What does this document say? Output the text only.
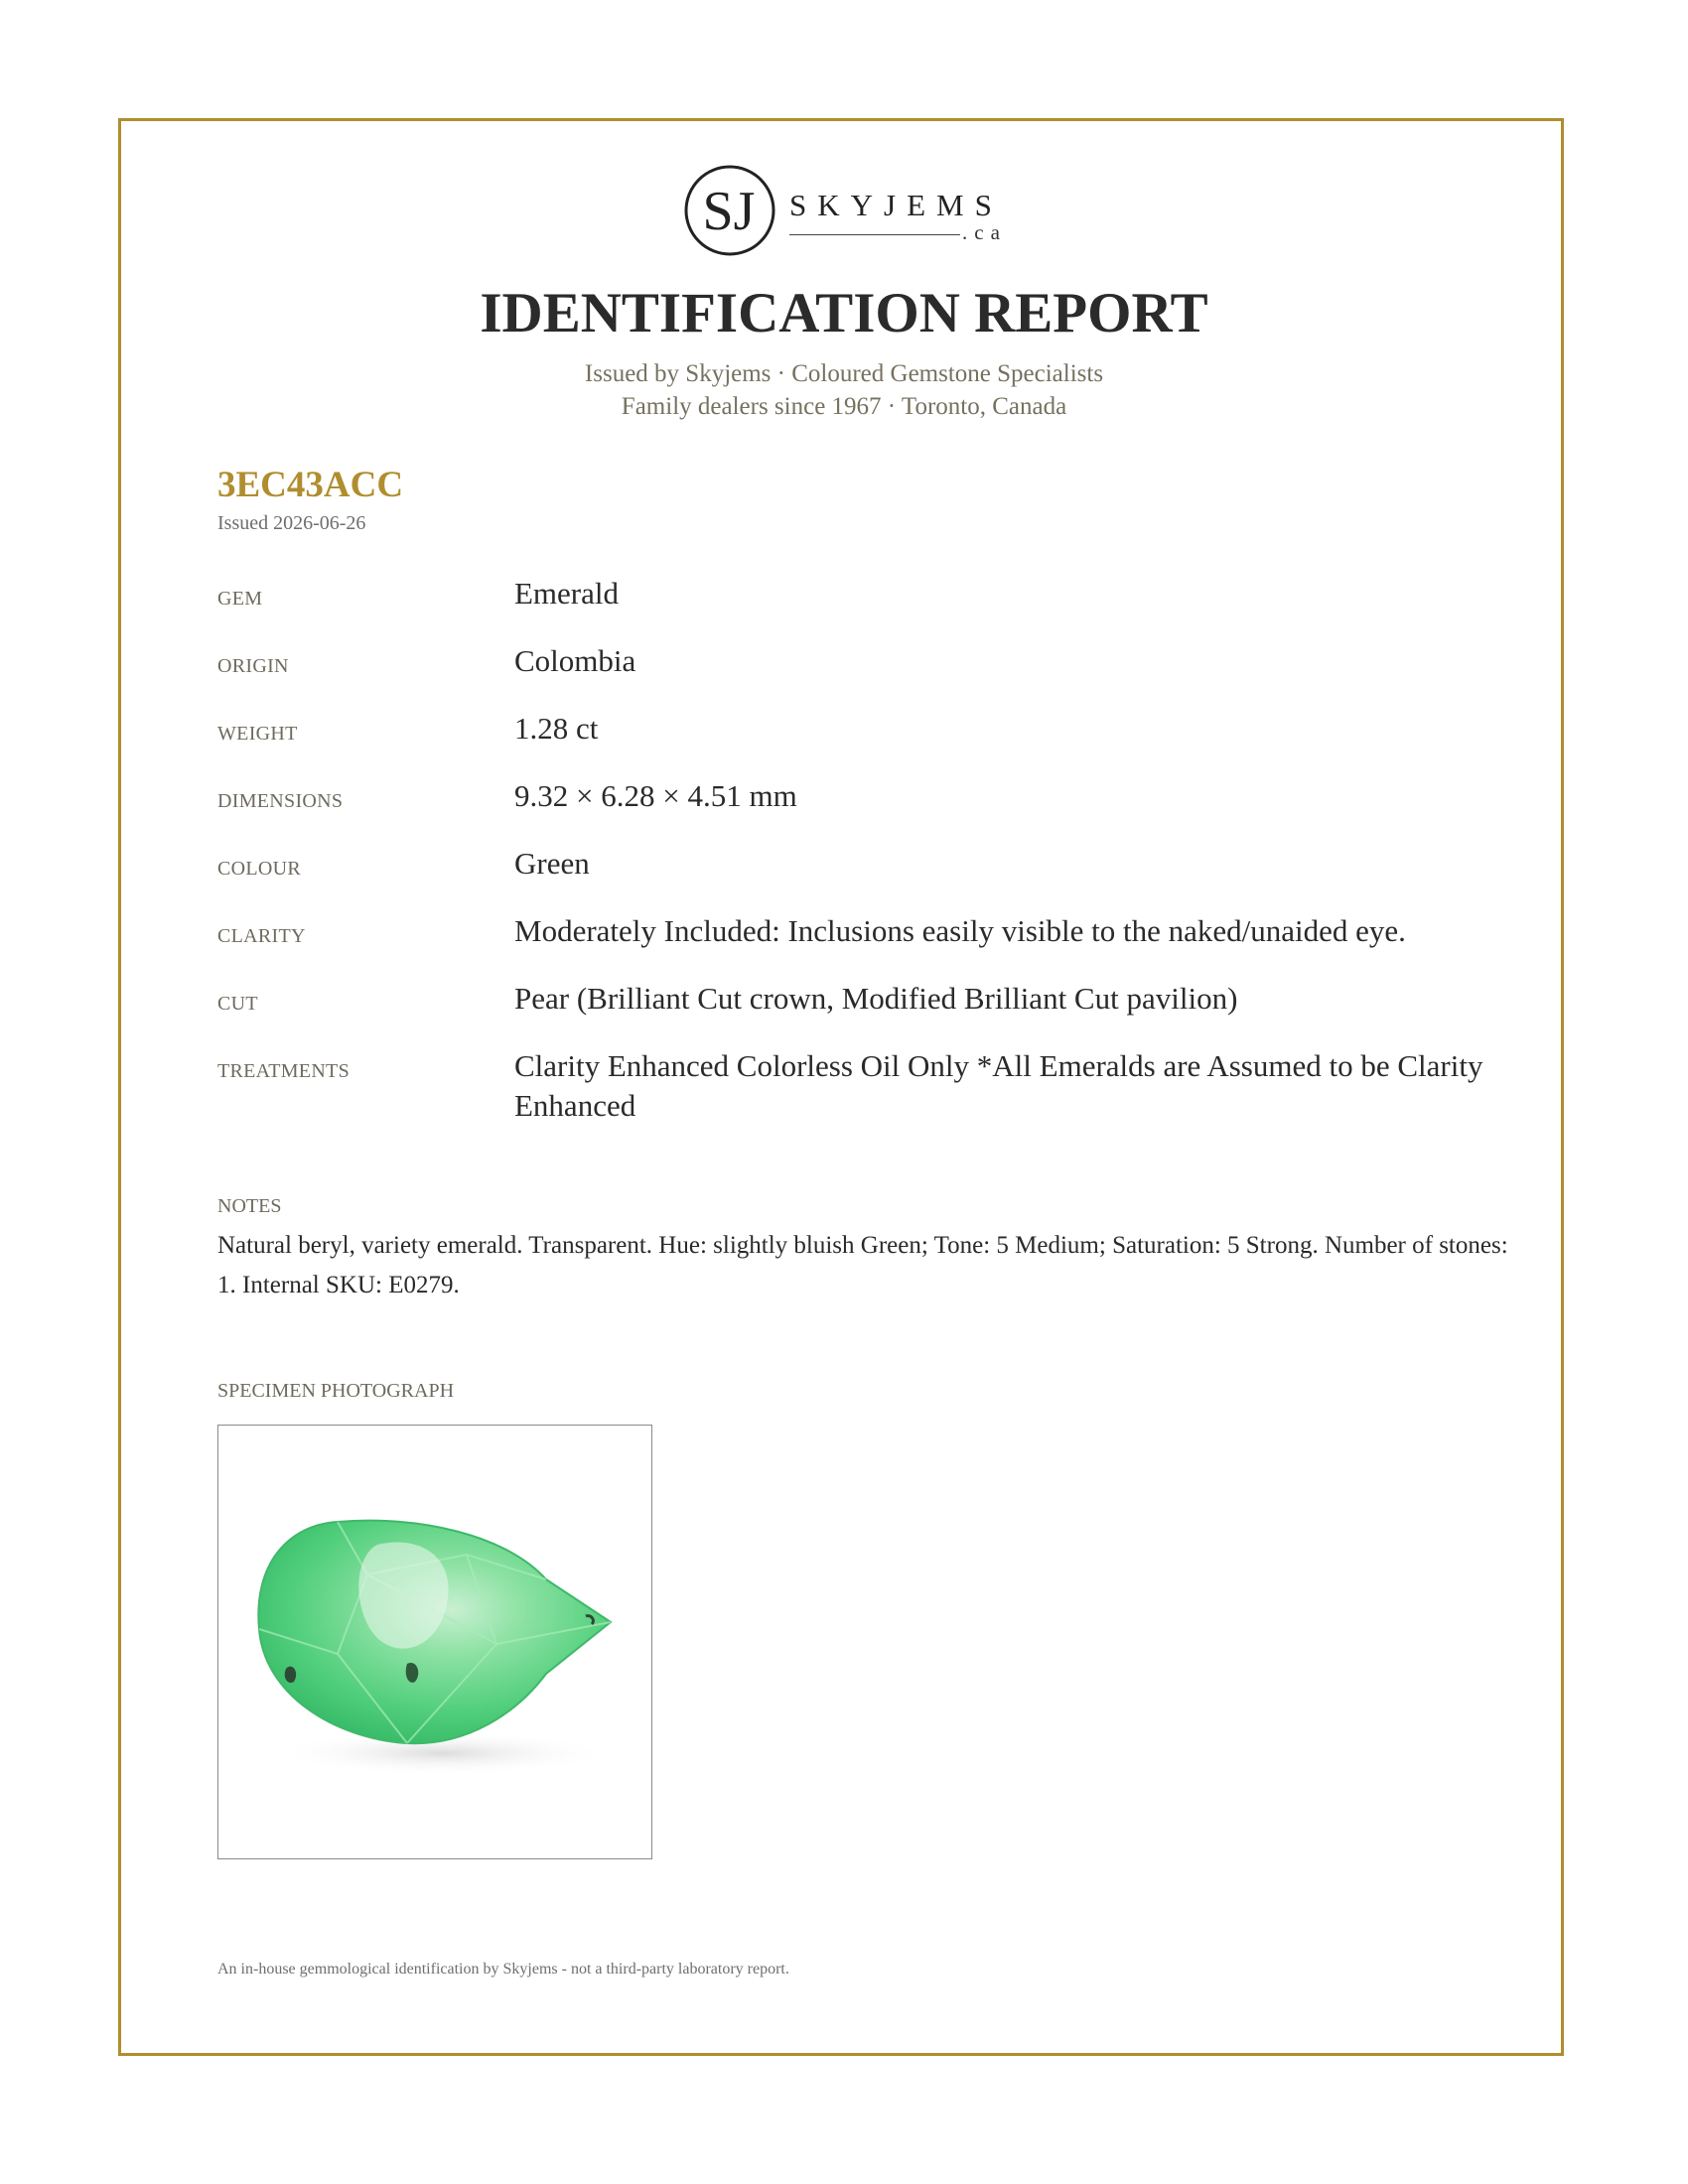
SJ SKYJEMS
.ca
IDENTIFICATION REPORT
Issued by Skyjems · Coloured Gemstone Specialists
Family dealers since 1967 · Toronto, Canada
3EC43ACC
Issued 2026-06-26
GEM	Emerald
ORIGIN	Colombia
WEIGHT	1.28 ct
DIMENSIONS	9.32 × 6.28 × 4.51 mm
COLOUR	Green
CLARITY	Moderately Included: Inclusions easily visible to the naked/unaided eye.
CUT	Pear (Brilliant Cut crown, Modified Brilliant Cut pavilion)
TREATMENTS	Clarity Enhanced Colorless Oil Only *All Emeralds are Assumed to be Clarity Enhanced
NOTES
Natural beryl, variety emerald. Transparent. Hue: slightly bluish Green; Tone: 5 Medium; Saturation: 5 Strong. Number of stones: 1. Internal SKU: E0279.
SPECIMEN PHOTOGRAPH
An in-house gemmological identification by Skyjems - not a third-party laboratory report.
